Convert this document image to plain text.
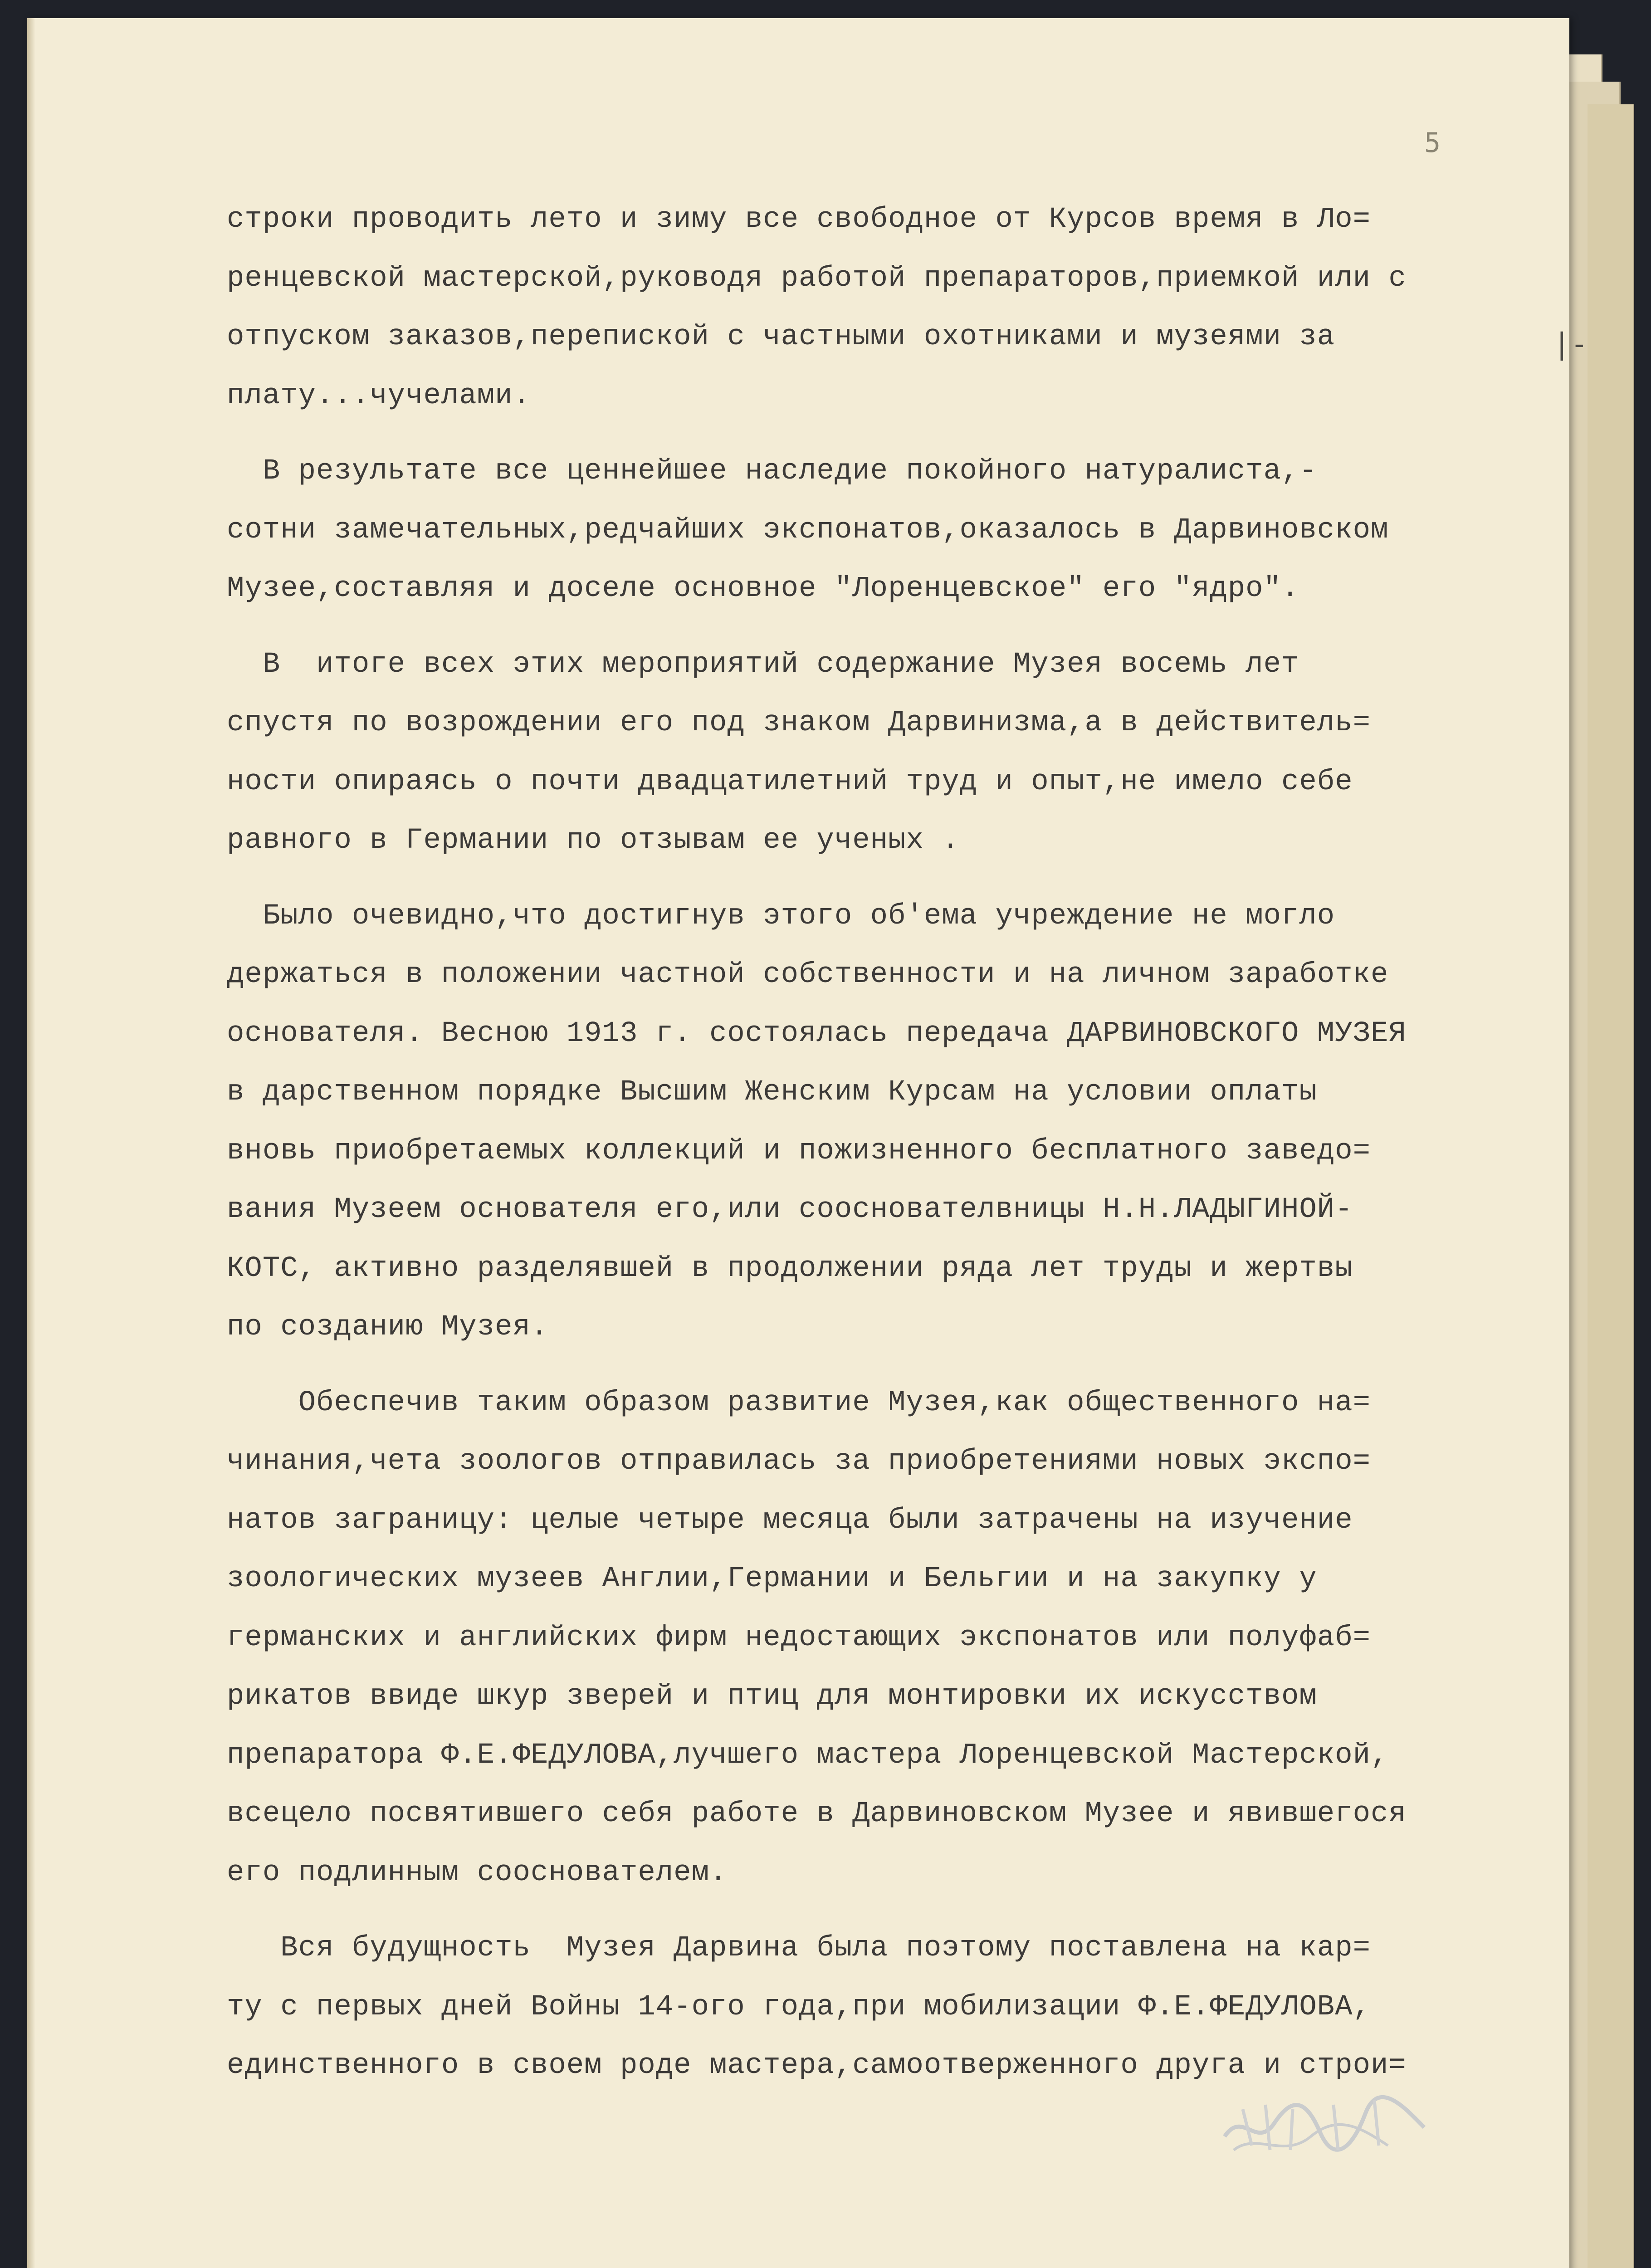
5
|-
строки проводить лето и зиму все свободное от Курсов время в Ло=
ренцевской мастерской,руководя работой препараторов,приемкой или с
отпуском заказов,перепиской с частными охотниками и музеями за
плату...чучелами.
В результате все ценнейшее наследие покойного натуралиста,-
сотни замечательных,редчайших экспонатов,оказалось в Дарвиновском
Музее,составляя и доселе основное "Лоренцевское" его "ядро".
В  итоге всех этих мероприятий содержание Музея восемь лет
спустя по возрождении его под знаком Дарвинизма,а в действитель=
ности опираясь о почти двадцатилетний труд и опыт,не имело себе
равного в Германии по отзывам ее ученых .
Было очевидно,что достигнув этого об'ема учреждение не могло
держаться в положении частной собственности и на личном заработке
основателя. Весною 1913 г. состоялась передача ДАРВИНОВСКОГО МУЗЕЯ
в дарственном порядке Высшим Женским Курсам на условии оплаты
вновь приобретаемых коллекций и пожизненного бесплатного заведо=
вания Музеем основателя его,или сооснователвницы Н.Н.ЛАДЫГИНОЙ-
КОТС, активно разделявшей в продолжении ряда лет труды и жертвы
по созданию Музея.
Обеспечив таким образом развитие Музея,как общественного на=
чинания,чета зоологов отправилась за приобретениями новых экспо=
натов заграницу: целые четыре месяца были затрачены на изучение
зоологических музеев Англии,Германии и Бельгии и на закупку у
германских и английских фирм недостающих экспонатов или полуфаб=
рикатов ввиде шкур зверей и птиц для монтировки их искусством
препаратора Ф.Е.ФЕДУЛОВА,лучшего мастера Лоренцевской Мастерской,
всецело посвятившего себя работе в Дарвиновском Музее и явившегося
его подлинным сооснователем.
Вся будущность  Музея Дарвина была поэтому поставлена на кар=
ту с первых дней Войны 14-ого года,при мобилизации Ф.Е.ФЕДУЛОВА,
единственного в своем роде мастера,самоотверженного друга и строи=
